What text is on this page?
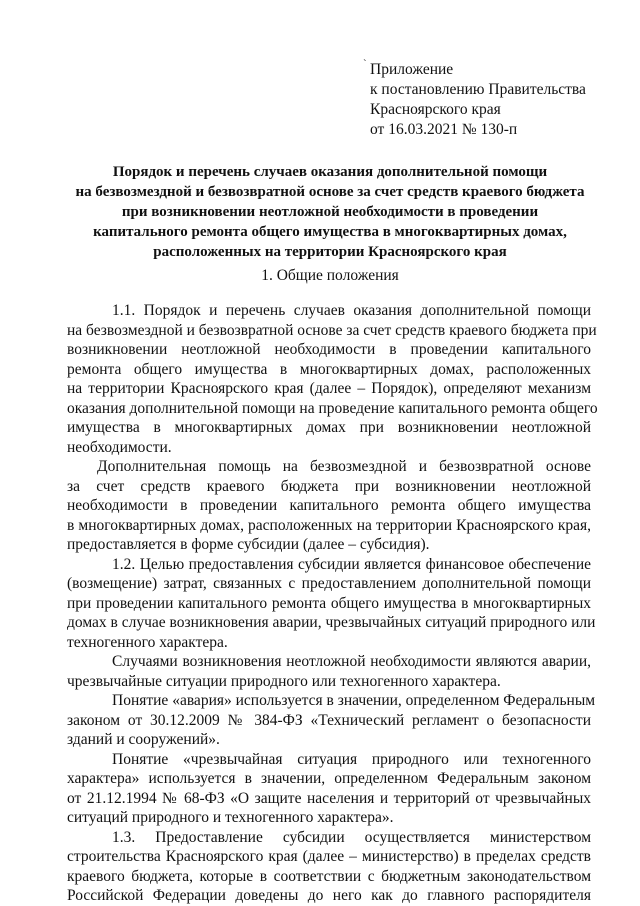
` Приложение
к постановлению Правительства
Красноярского края
от 16.03.2021 № 130-п
Порядок и перечень случаев оказания дополнительной помощи
на безвозмездной и безвозвратной основе за счет средств краевого бюджета
при возникновении неотложной необходимости в проведении
капитального ремонта общего имущества в многоквартирных домах,
расположенных на территории Красноярского края
1. Общие положения
1.1. Порядок и перечень случаев оказания дополнительной помощи
на безвозмездной и безвозвратной основе за счет средств краевого бюджета при
возникновении неотложной необходимости в проведении капитального
ремонта общего имущества в многоквартирных домах, расположенных
на территории Красноярского края (далее – Порядок), определяют механизм
оказания дополнительной помощи на проведение капитального ремонта общего
имущества в многоквартирных домах при возникновении неотложной
необходимости.
Дополнительная помощь на безвозмездной и безвозвратной основе
за счет средств краевого бюджета при возникновении неотложной
необходимости в проведении капитального ремонта общего имущества
в многоквартирных домах, расположенных на территории Красноярского края,
предоставляется в форме субсидии (далее – субсидия).
1.2. Целью предоставления субсидии является финансовое обеспечение
(возмещение) затрат, связанных с предоставлением дополнительной помощи
при проведении капитального ремонта общего имущества в многоквартирных
домах в случае возникновения аварии, чрезвычайных ситуаций природного или
техногенного характера.
Случаями возникновения неотложной необходимости являются аварии,
чрезвычайные ситуации природного или техногенного характера.
Понятие «авария» используется в значении, определенном Федеральным
законом от 30.12.2009 № 384-ФЗ «Технический регламент о безопасности
зданий и сооружений».
Понятие «чрезвычайная ситуация природного или техногенного
характера» используется в значении, определенном Федеральным законом
от 21.12.1994 № 68-ФЗ «О защите населения и территорий от чрезвычайных
ситуаций природного и техногенного характера».
1.3. Предоставление субсидии осуществляется министерством
строительства Красноярского края (далее – министерство) в пределах средств
краевого бюджета, которые в соответствии с бюджетным законодательством
Российской Федерации доведены до него как до главного распорядителя
